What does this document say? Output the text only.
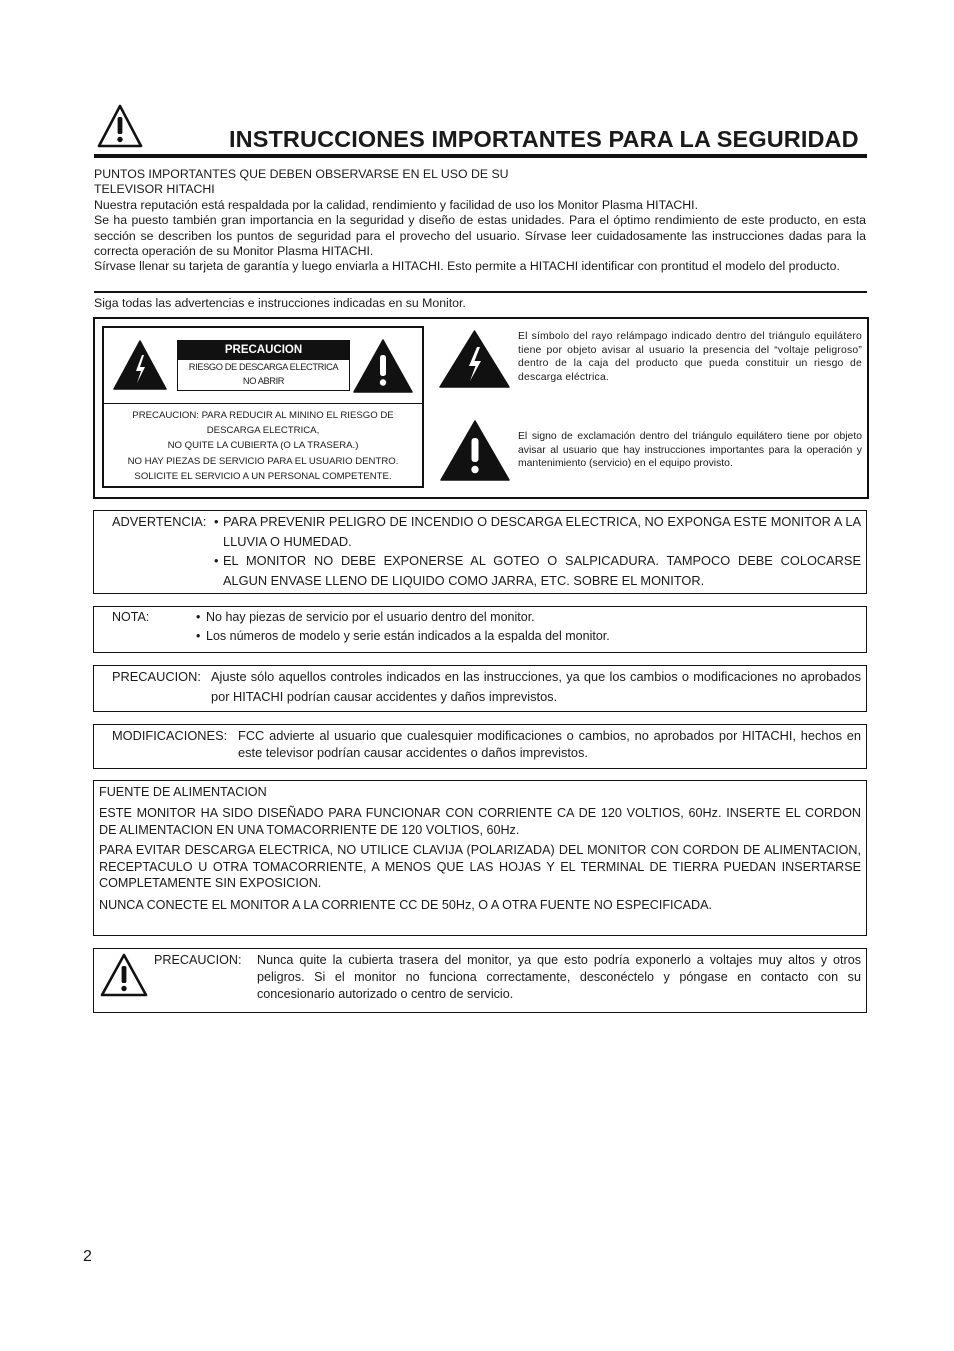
INSTRUCCIONES IMPORTANTES PARA LA SEGURIDAD

PUNTOS IMPORTANTES QUE DEBEN OBSERVARSE EN EL USO DE SU

TELEVISOR HITACHI

Nuestra reputación está respaldada por la calidad, rendimiento y facilidad de uso los Monitor Plasma HITACHI.

Se ha puesto también gran importancia en la seguridad y diseño de estas unidades. Para el óptimo rendimiento de este producto, en esta sección se describen los puntos de seguridad para el provecho del usuario. Sírvase leer cuidadosamente las instrucciones dadas para la correcta operación de su Monitor Plasma HITACHI.

Sírvase llenar su tarjeta de garantía y luego enviarla a HITACHI. Esto permite a HITACHI identificar con prontitud el modelo del producto.

Siga todas las advertencias e instrucciones indicadas en su Monitor.
PRECAUCION
RIESGO DE DESCARGA ELECTRICA
NO ABRIR
PRECAUCION: PARA REDUCIR AL MININO EL RIESGO DE
DESCARGA ELECTRICA,
NO QUITE LA CUBIERTA (O LA TRASERA.)
NO HAY PIEZAS DE SERVICIO PARA EL USUARIO DENTRO.
SOLICITE EL SERVICIO A UN PERSONAL COMPETENTE.
El símbolo del rayo relámpago indicado dentro del triángulo equilátero tiene por objeto avisar al usuario la presencia del “voltaje peligroso” dentro de la caja del producto que pueda constituir un riesgo de descarga eléctrica.
El signo de exclamación dentro del triángulo equilátero tiene por objeto avisar al usuario que hay instrucciones importantes para la operación y mantenimiento (servicio) en el equipo provisto.
ADVERTENCIA: • PARA PREVENIR PELIGRO DE INCENDIO O DESCARGA ELECTRICA, NO EXPONGA ESTE MONITOR A LA LLUVIA O HUMEDAD.
• EL MONITOR NO DEBE EXPONERSE AL GOTEO O SALPICADURA. TAMPOCO DEBE COLOCARSE ALGUN ENVASE LLENO DE LIQUIDO COMO JARRA, ETC. SOBRE EL MONITOR.
NOTA:	• No hay piezas de servicio por el usuario dentro del monitor.
• Los números de modelo y serie están indicados a la espalda del monitor.
PRECAUCION: Ajuste sólo aquellos controles indicados en las instrucciones, ya que los cambios o modificaciones no aprobados por HITACHI podrían causar accidentes y daños imprevistos.
MODIFICACIONES: FCC advierte al usuario que cualesquier modificaciones o cambios, no aprobados por HITACHI, hechos en este televisor podrían causar accidentes o daños imprevistos.
FUENTE DE ALIMENTACION
ESTE MONITOR HA SIDO DISEÑADO PARA FUNCIONAR CON CORRIENTE CA DE 120 VOLTIOS, 60Hz. INSERTE EL CORDON DE ALIMENTACION EN UNA TOMACORRIENTE DE 120 VOLTIOS, 60Hz.
PARA EVITAR DESCARGA ELECTRICA, NO UTILICE CLAVIJA (POLARIZADA) DEL MONITOR CON CORDON DE ALIMENTACION, RECEPTACULO U OTRA TOMACORRIENTE, A MENOS QUE LAS HOJAS Y EL TERMINAL DE TIERRA PUEDAN INSERTARSE COMPLETAMENTE SIN EXPOSICION.
NUNCA CONECTE EL MONITOR A LA CORRIENTE CC DE 50Hz, O A OTRA FUENTE NO ESPECIFICADA.
PRECAUCION: Nunca quite la cubierta trasera del monitor, ya que esto podría exponerlo a voltajes muy altos y otros peligros. Si el monitor no funciona correctamente, desconéctelo y póngase en contacto con su concesionario autorizado o centro de servicio.
2
